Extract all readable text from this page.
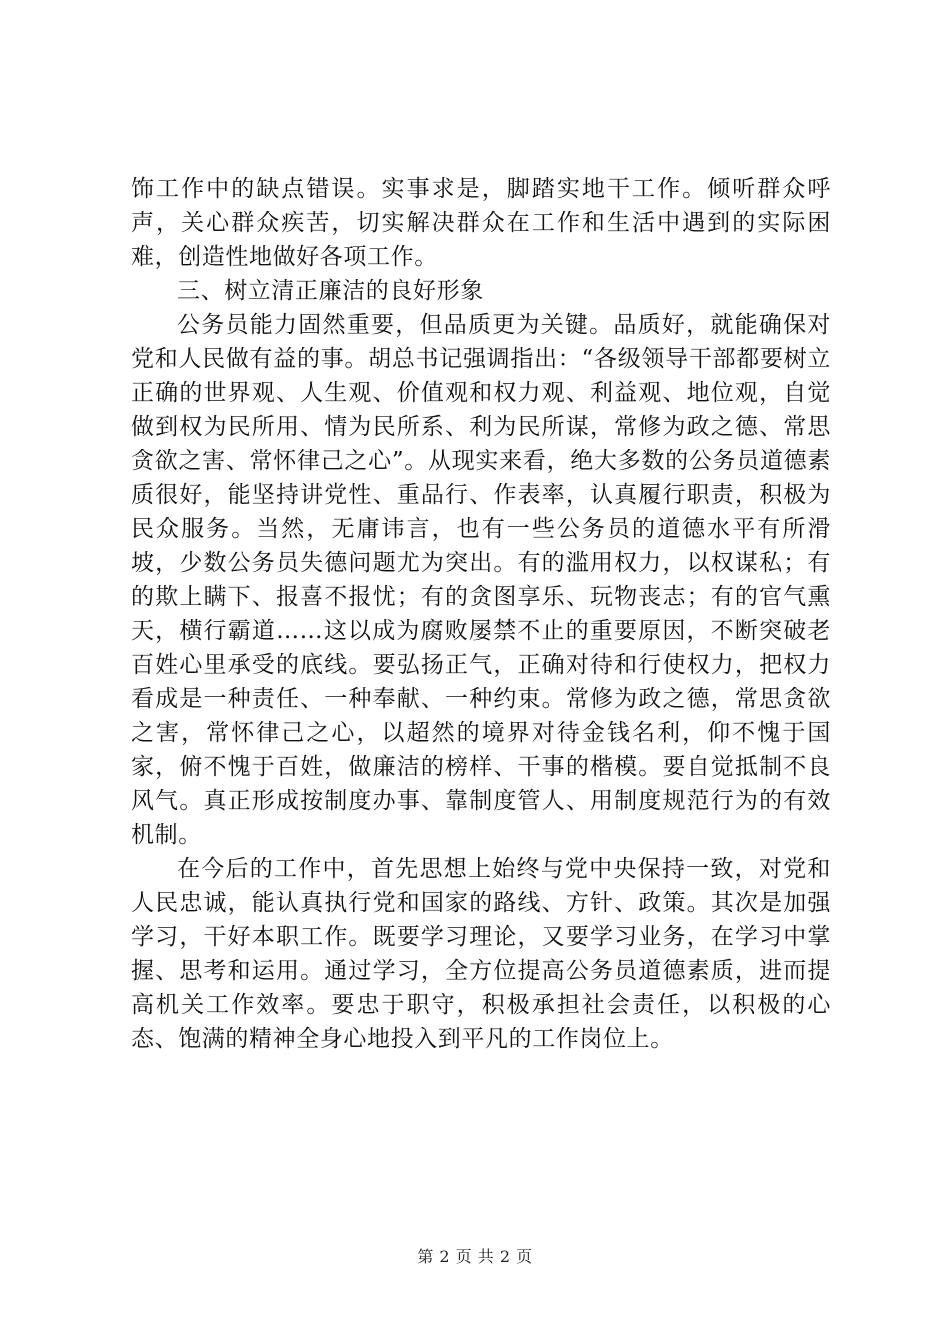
饰工作中的缺点错误。实事求是，脚踏实地干工作。倾听群众呼声，关心群众疾苦，切实解决群众在工作和生活中遇到的实际困难，创造性地做好各项工作。

三、树立清正廉洁的良好形象

公务员能力固然重要，但品质更为关键。品质好，就能确保对党和人民做有益的事。胡总书记强调指出：“各级领导干部都要树立正确的世界观、人生观、价值观和权力观、利益观、地位观，自觉做到权为民所用、情为民所系、利为民所谋，常修为政之德、常思贪欲之害、常怀律己之心”。从现实来看，绝大多数的公务员道德素质很好，能坚持讲党性、重品行、作表率，认真履行职责，积极为民众服务。当然，无庸讳言，也有一些公务员的道德水平有所滑坡，少数公务员失德问题尤为突出。有的滥用权力，以权谋私；有的欺上瞒下、报喜不报忧；有的贪图享乐、玩物丧志；有的官气熏天，横行霸道……这以成为腐败屡禁不止的重要原因，不断突破老百姓心里承受的底线。要弘扬正气，正确对待和行使权力，把权力看成是一种责任、一种奉献、一种约束。常修为政之德，常思贪欲之害，常怀律己之心，以超然的境界对待金钱名利，仰不愧于国家，俯不愧于百姓，做廉洁的榜样、干事的楷模。要自觉抵制不良风气。真正形成按制度办事、靠制度管人、用制度规范行为的有效机制。

在今后的工作中，首先思想上始终与党中央保持一致，对党和人民忠诚，能认真执行党和国家的路线、方针、政策。其次是加强学习，干好本职工作。既要学习理论，又要学习业务，在学习中掌握、思考和运用。通过学习，全方位提高公务员道德素质，进而提高机关工作效率。要忠于职守，积极承担社会责任，以积极的心态、饱满的精神全身心地投入到平凡的工作岗位上。

第 2 页 共 2 页
